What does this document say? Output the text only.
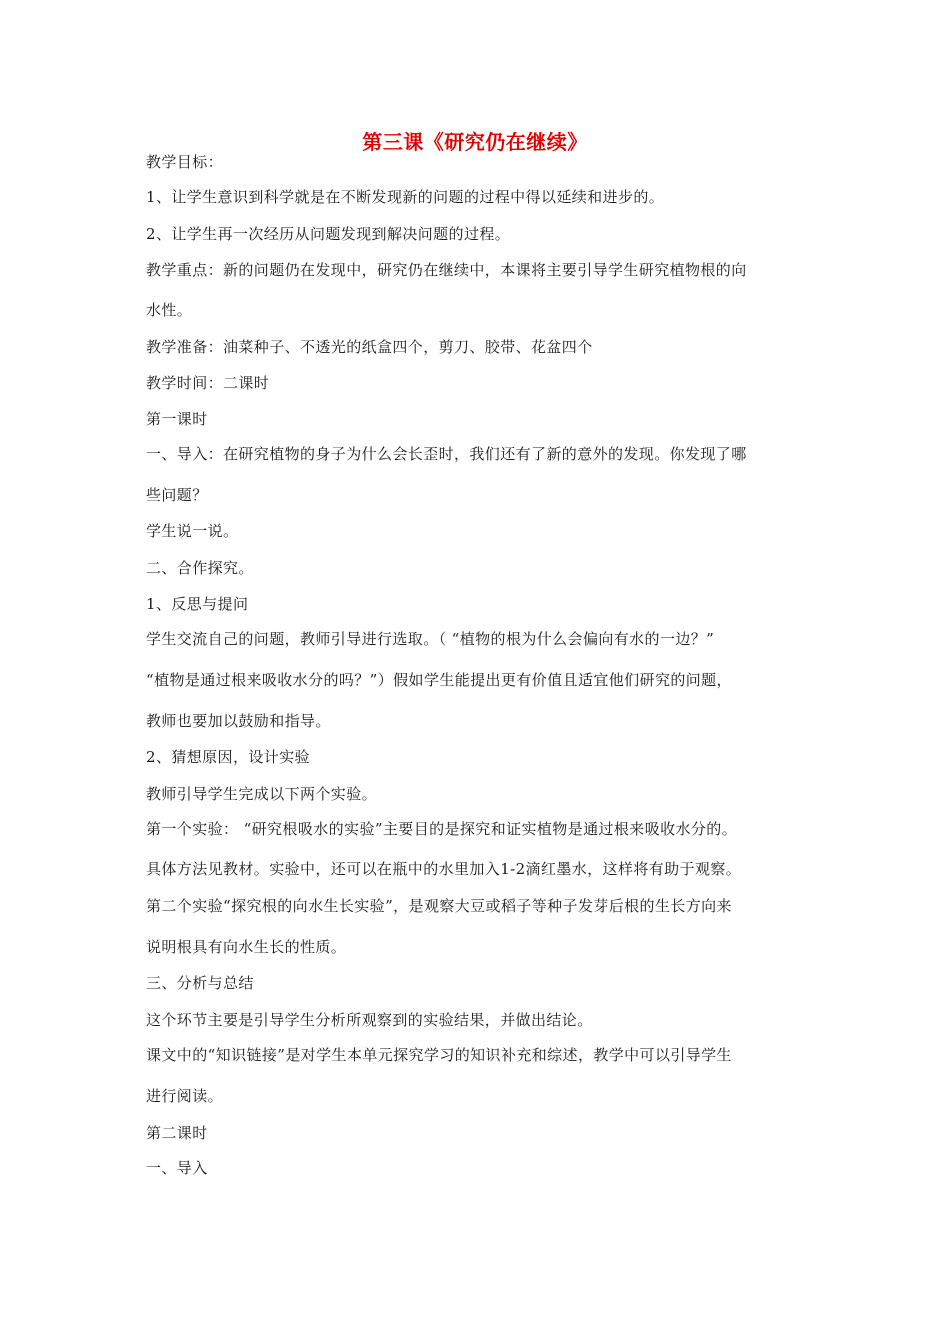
第三课《研究仍在继续》
教学目标：
1、让学生意识到科学就是在不断发现新的问题的过程中得以延续和进步的。
2、让学生再一次经历从问题发现到解决问题的过程。
教学重点：新的问题仍在发现中，研究仍在继续中，本课将主要引导学生研究植物根的向
水性。
教学准备：油菜种子、不透光的纸盒四个，剪刀、胶带、花盆四个
教学时间：二课时
第一课时
一、导入：在研究植物的身子为什么会长歪时，我们还有了新的意外的发现。你发现了哪
些问题？
学生说一说。
二、合作探究。
1、反思与提问
学生交流自己的问题，教师引导进行选取。（ “植物的根为什么会偏向有水的一边？”
“植物是通过根来吸收水分的吗？”）假如学生能提出更有价值且适宜他们研究的问题，
教师也要加以鼓励和指导。
2、猜想原因，设计实验
教师引导学生完成以下两个实验。
第一个实验： “研究根吸水的实验”主要目的是探究和证实植物是通过根来吸收水分的。
具体方法见教材。实验中，还可以在瓶中的水里加入1-2滴红墨水，这样将有助于观察。
第二个实验“探究根的向水生长实验”，是观察大豆或稻子等种子发芽后根的生长方向来
说明根具有向水生长的性质。
三、分析与总结
这个环节主要是引导学生分析所观察到的实验结果，并做出结论。
课文中的“知识链接”是对学生本单元探究学习的知识补充和综述，教学中可以引导学生
进行阅读。
第二课时
一、导入
